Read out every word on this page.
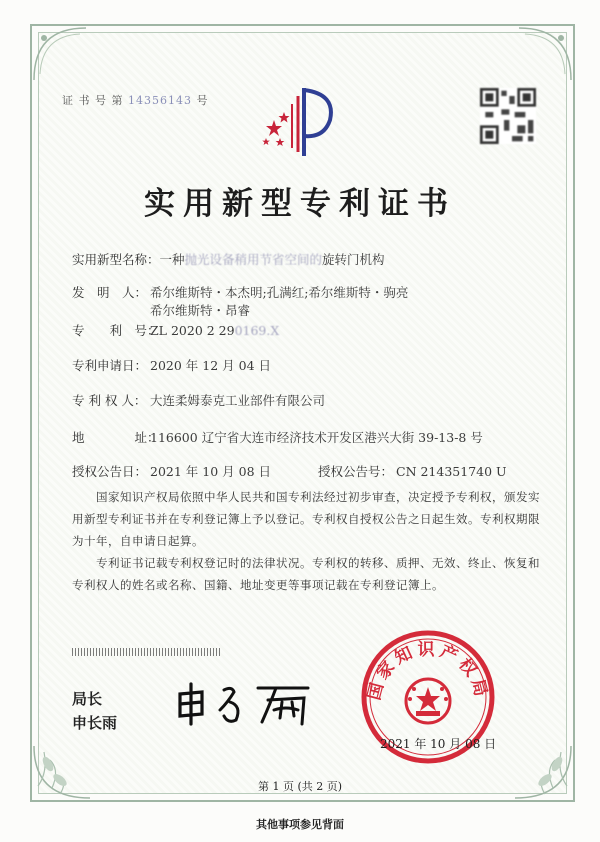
证 书 号 第 14356143 号
实用新型专利证书
实用新型名称：一种抛光设备稍用节省空间的旋转门机构
发　明　人： 希尔维斯特・本杰明;孔满红;希尔维斯特・驹亮
希尔维斯特・昂睿
专　　利　号：ZL 2020 2 290169.X
专利申请日： 2020 年 12 月 04 日
专 利 权 人： 大连柔姆泰克工业部件有限公司
地　　　　址：116600 辽宁省大连市经济技术开发区港兴大街 39-13-8 号
授权公告日： 2021 年 10 月 08 日	授权公告号： CN 214351740 U
国家知识产权局依照中华人民共和国专利法经过初步审查，决定授予专利权，颁发实用新型专利证书并在专利登记簿上予以登记。专利权自授权公告之日起生效。专利权期限为十年，自申请日起算。
专利证书记载专利权登记时的法律状况。专利权的转移、质押、无效、终止、恢复和专利权人的姓名或名称、国籍、地址变更等事项记载在专利登记簿上。
局长
申长雨
国家知识产权局
2021 年 10 月 08 日
第 1 页 (共 2 页)
其他事项参见背面
